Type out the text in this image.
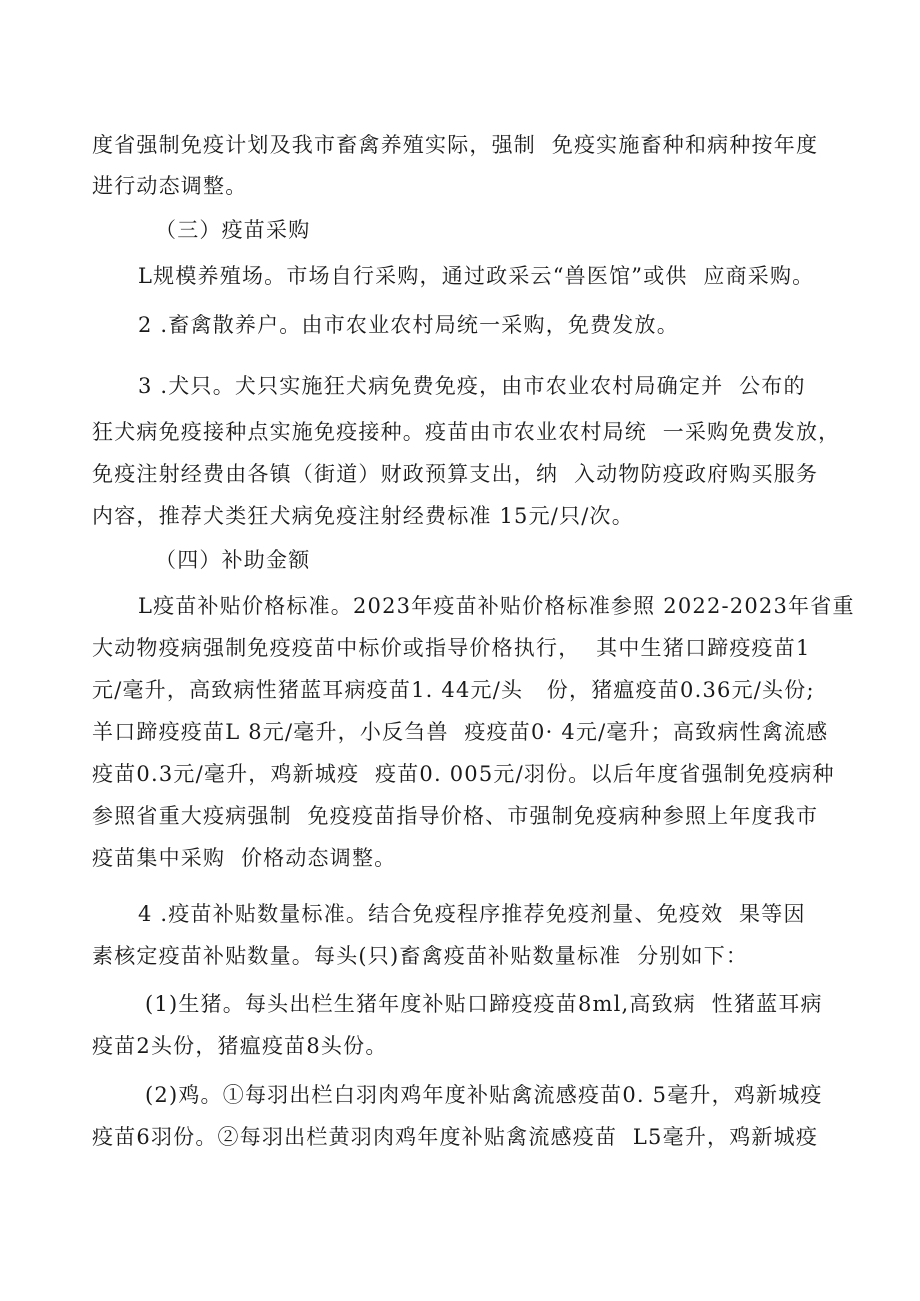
度省强制免疫计划及我市畜禽养殖实际，强制  免疫实施畜种和病种按年度
进行动态调整。
（三）疫苗采购
L规模养殖场。市场自行采购，通过政采云“兽医馆”或供  应商采购。
2 .畜禽散养户。由市农业农村局统一采购，免费发放。
3 .犬只。犬只实施狂犬病免费免疫，由市农业农村局确定并  公布的
狂犬病免疫接种点实施免疫接种。疫苗由市农业农村局统  一采购免费发放，
免疫注射经费由各镇（街道）财政预算支出，纳  入动物防疫政府购买服务
内容，推荐犬类狂犬病免疫注射经费标准 15元/只/次。
（四）补助金额
L疫苗补贴价格标准。2023年疫苗补贴价格标准参照 2022-2023年省重
大动物疫病强制免疫疫苗中标价或指导价格执行，  其中生猪口蹄疫疫苗1
元/毫升，高致病性猪蓝耳病疫苗1. 44元/头   份，猪瘟疫苗0.36元/头份;
羊口蹄疫疫苗L 8元/毫升，小反刍兽  疫疫苗0· 4元/毫升；高致病性禽流感
疫苗0.3元/毫升，鸡新城疫  疫苗0. 005元/羽份。以后年度省强制免疫病种
参照省重大疫病强制  免疫疫苗指导价格、市强制免疫病种参照上年度我市
疫苗集中采购  价格动态调整。
4 .疫苗补贴数量标准。结合免疫程序推荐免疫剂量、免疫效  果等因
素核定疫苗补贴数量。每头(只)畜禽疫苗补贴数量标准  分别如下：
(1)生猪。每头出栏生猪年度补贴口蹄疫疫苗8ml,高致病  性猪蓝耳病
疫苗2头份，猪瘟疫苗8头份。
(2)鸡。①每羽出栏白羽肉鸡年度补贴禽流感疫苗0. 5毫升，鸡新城疫
疫苗6羽份。②每羽出栏黄羽肉鸡年度补贴禽流感疫苗  L5毫升，鸡新城疫
